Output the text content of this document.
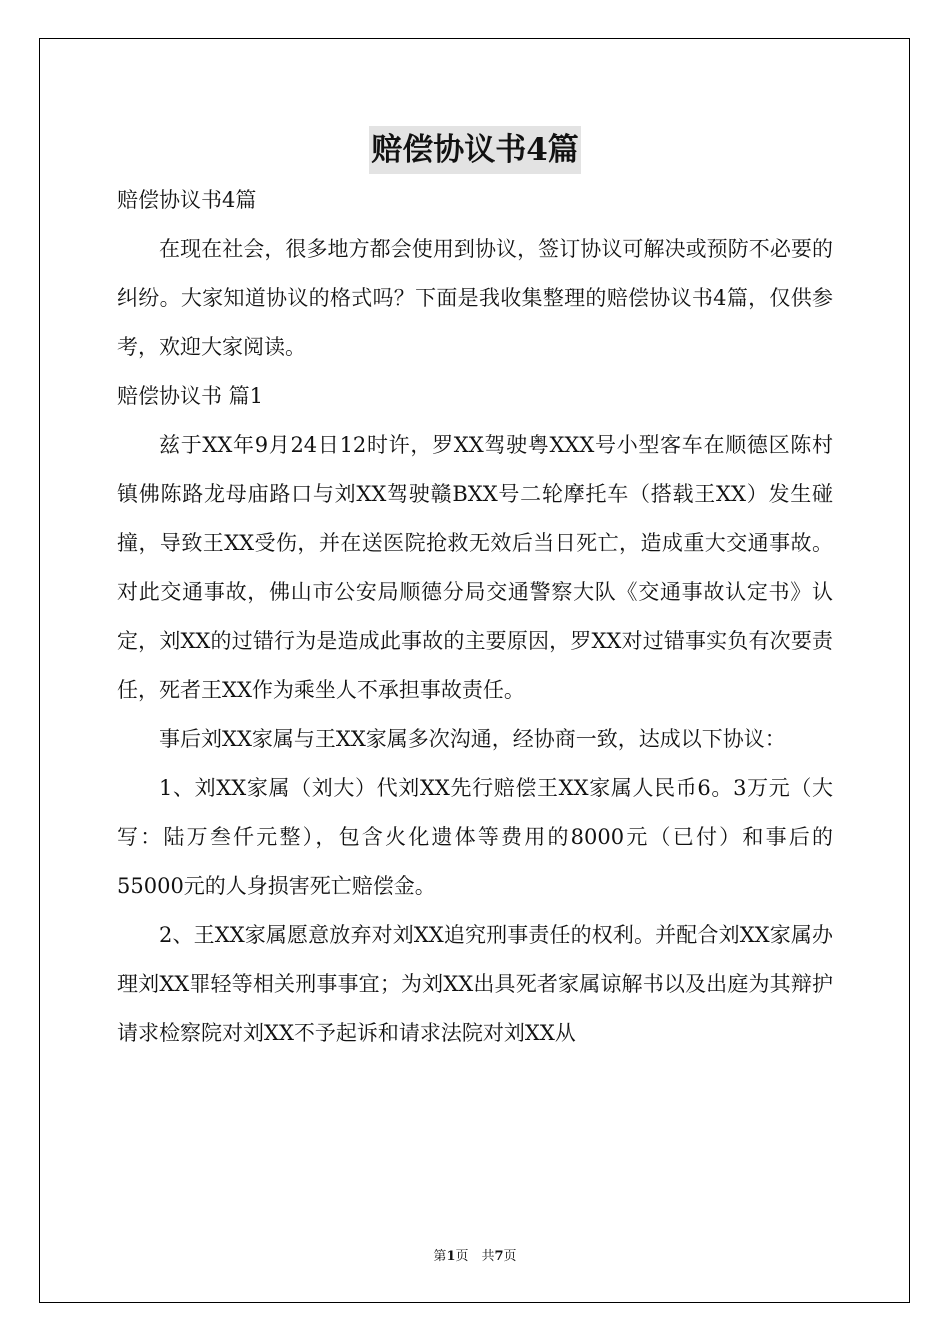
赔偿协议书4篇

赔偿协议书4篇

在现在社会，很多地方都会使用到协议，签订协议可解决或预防不必要的纠纷。大家知道协议的格式吗？下面是我收集整理的赔偿协议书4篇，仅供参考，欢迎大家阅读。

赔偿协议书 篇1

兹于XX年9月24日12时许，罗XX驾驶粤XXX号小型客车在顺德区陈村镇佛陈路龙母庙路口与刘XX驾驶赣BXX号二轮摩托车（搭载王XX）发生碰撞，导致王XX受伤，并在送医院抢救无效后当日死亡，造成重大交通事故。对此交通事故，佛山市公安局顺德分局交通警察大队《交通事故认定书》认定，刘XX的过错行为是造成此事故的主要原因，罗XX对过错事实负有次要责任，死者王XX作为乘坐人不承担事故责任。

事后刘XX家属与王XX家属多次沟通，经协商一致，达成以下协议：

1、刘XX家属（刘大）代刘XX先行赔偿王XX家属人民币6。3万元（大写：陆万叁仟元整），包含火化遗体等费用的8000元（已付）和事后的55000元的人身损害死亡赔偿金。

2、王XX家属愿意放弃对刘XX追究刑事责任的权利。并配合刘XX家属办理刘XX罪轻等相关刑事事宜；为刘XX出具死者家属谅解书以及出庭为其辩护请求检察院对刘XX不予起诉和请求法院对刘XX从

第1页　共7页
